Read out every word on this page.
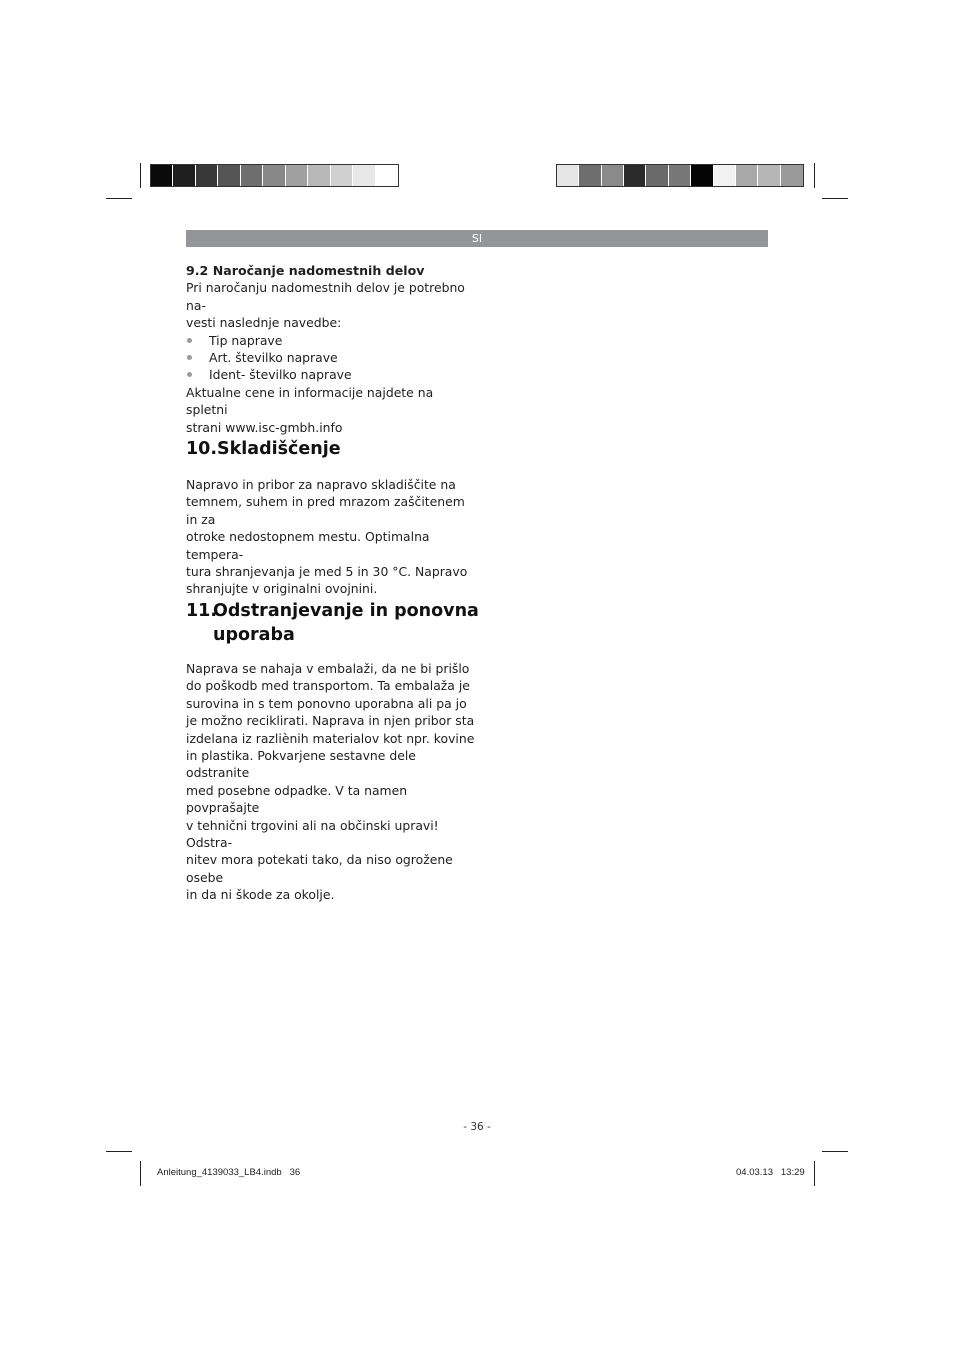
SI

9.2 Naročanje nadomestnih delov

Pri naročanju nadomestnih delov je potrebno na-

vesti naslednje navedbe:

Tip naprave
Art. številko naprave
Ident- številko naprave

Aktualne cene in informacije najdete na spletni

strani www.isc-gmbh.info

10.Skladiščenje

Napravo in pribor za napravo skladiščite na

temnem, suhem in pred mrazom zaščitenem in za

otroke nedostopnem mestu. Optimalna tempera-

tura shranjevanja je med 5 in 30 °C. Napravo

shranjujte v originalni ovojnini.

11.Odstranjevanje in ponovna
uporaba

Naprava se nahaja v embalaži, da ne bi prišlo

do poškodb med transportom. Ta embalaža je

surovina in s tem ponovno uporabna ali pa jo

je možno reciklirati. Naprava in njen pribor sta

izdelana iz razliènih materialov kot npr. kovine

in plastika. Pokvarjene sestavne dele odstranite

med posebne odpadke. V ta namen povprašajte

v tehnični trgovini ali na občinski upravi! Odstra-

nitev mora potekati tako, da niso ogrožene osebe

in da ni škode za okolje.

- 36 -
Anleitung_4139033_LB4.indb   36	04.03.13   13:29
